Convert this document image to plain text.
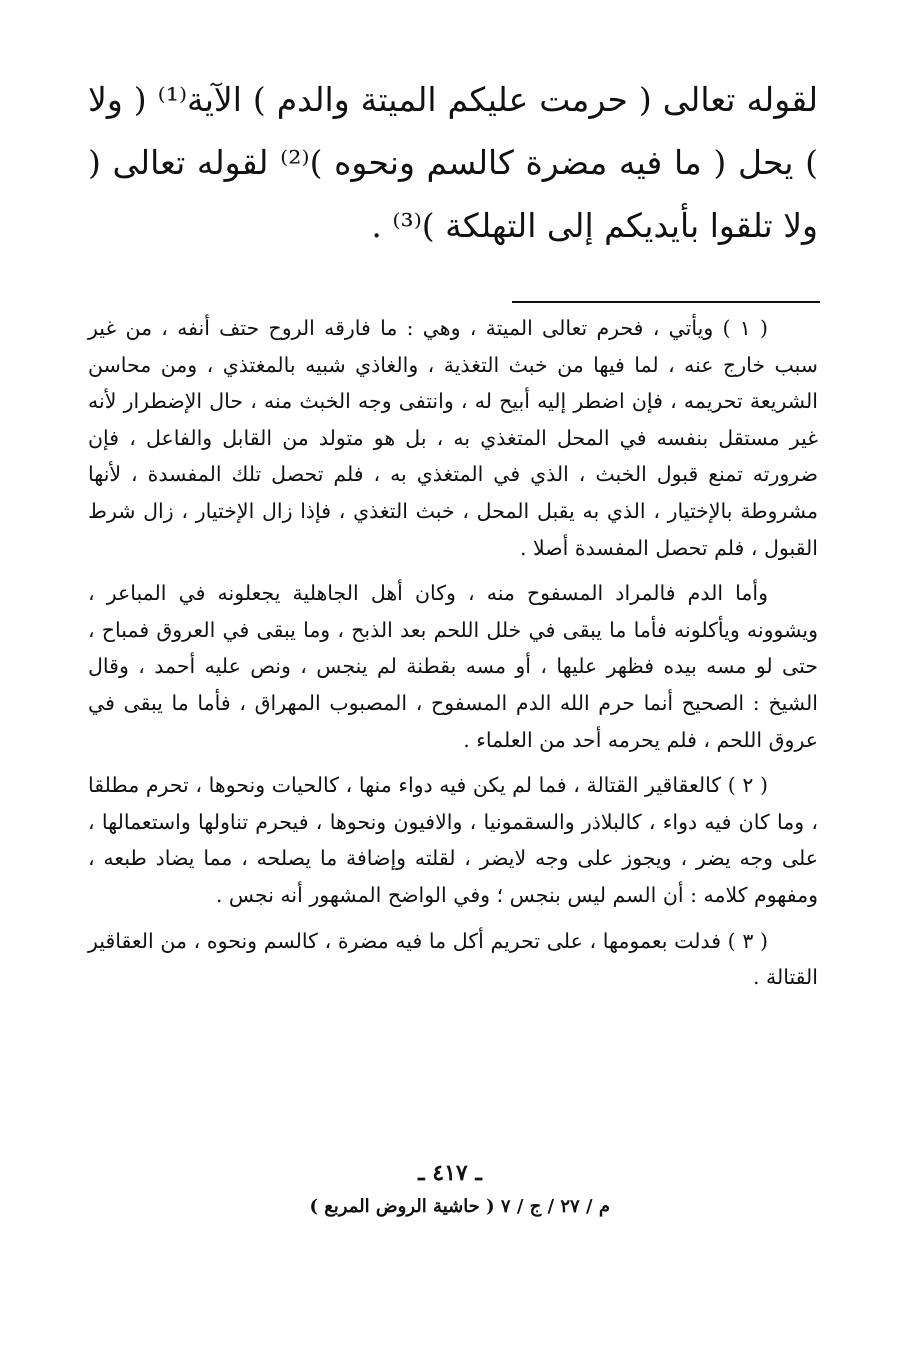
لقوله تعالى ( حرمت عليكم الميتة والدم ) الآية⁽¹⁾ ( ولا ) يحل ( ما فيه مضرة كالسم ونحوه )⁽²⁾ لقوله تعالى ( ولا تلقوا بأيديكم إلى التهلكة )⁽³⁾ .

( ١ ) ويأتي ، فحرم تعالى الميتة ، وهي : ما فارقه الروح حتف أنفه ، من غير سبب خارج عنه ، لما فيها من خبث التغذية ، والغاذي شبيه بالمغتذي ، ومن محاسن الشريعة تحريمه ، فإن اضطر إليه أبيح له ، وانتفى وجه الخبث منه ، حال الإضطرار لأنه غير مستقل بنفسه في المحل المتغذي به ، بل هو متولد من القابل والفاعل ، فإن ضرورته تمنع قبول الخبث ، الذي في المتغذي به ، فلم تحصل تلك المفسدة ، لأنها مشروطة بالإختيار ، الذي به يقبل المحل ، خبث التغذي ، فإذا زال الإختيار ، زال شرط القبول ، فلم تحصل المفسدة أصلا .

وأما الدم فالمراد المسفوح منه ، وكان أهل الجاهلية يجعلونه في المباعر ، ويشوونه ويأكلونه فأما ما يبقى في خلل اللحم بعد الذبح ، وما يبقى في العروق فمباح ، حتى لو مسه بيده فظهر عليها ، أو مسه بقطنة لم ينجس ، ونص عليه أحمد ، وقال الشيخ : الصحيح أنما حرم الله الدم المسفوح ، المصبوب المهراق ، فأما ما يبقى في عروق اللحم ، فلم يحرمه أحد من العلماء .

( ٢ ) كالعقاقير القتالة ، فما لم يكن فيه دواء منها ، كالحيات ونحوها ، تحرم مطلقا ، وما كان فيه دواء ، كالبلاذر والسقمونيا ، والافيون ونحوها ، فيحرم تناولها واستعمالها ، على وجه يضر ، ويجوز على وجه لايضر ، لقلته وإضافة ما يصلحه ، مما يضاد طبعه ، ومفهوم كلامه : أن السم ليس بنجس ؛ وفي الواضح المشهور أنه نجس .

( ٣ ) فدلت بعمومها ، على تحريم أكل ما فيه مضرة ، كالسم ونحوه ، من العقاقير القتالة .

ـ ٤١٧ ـ
م / ٢٧ / ج / ٧ ( حاشية الروض المربع )
